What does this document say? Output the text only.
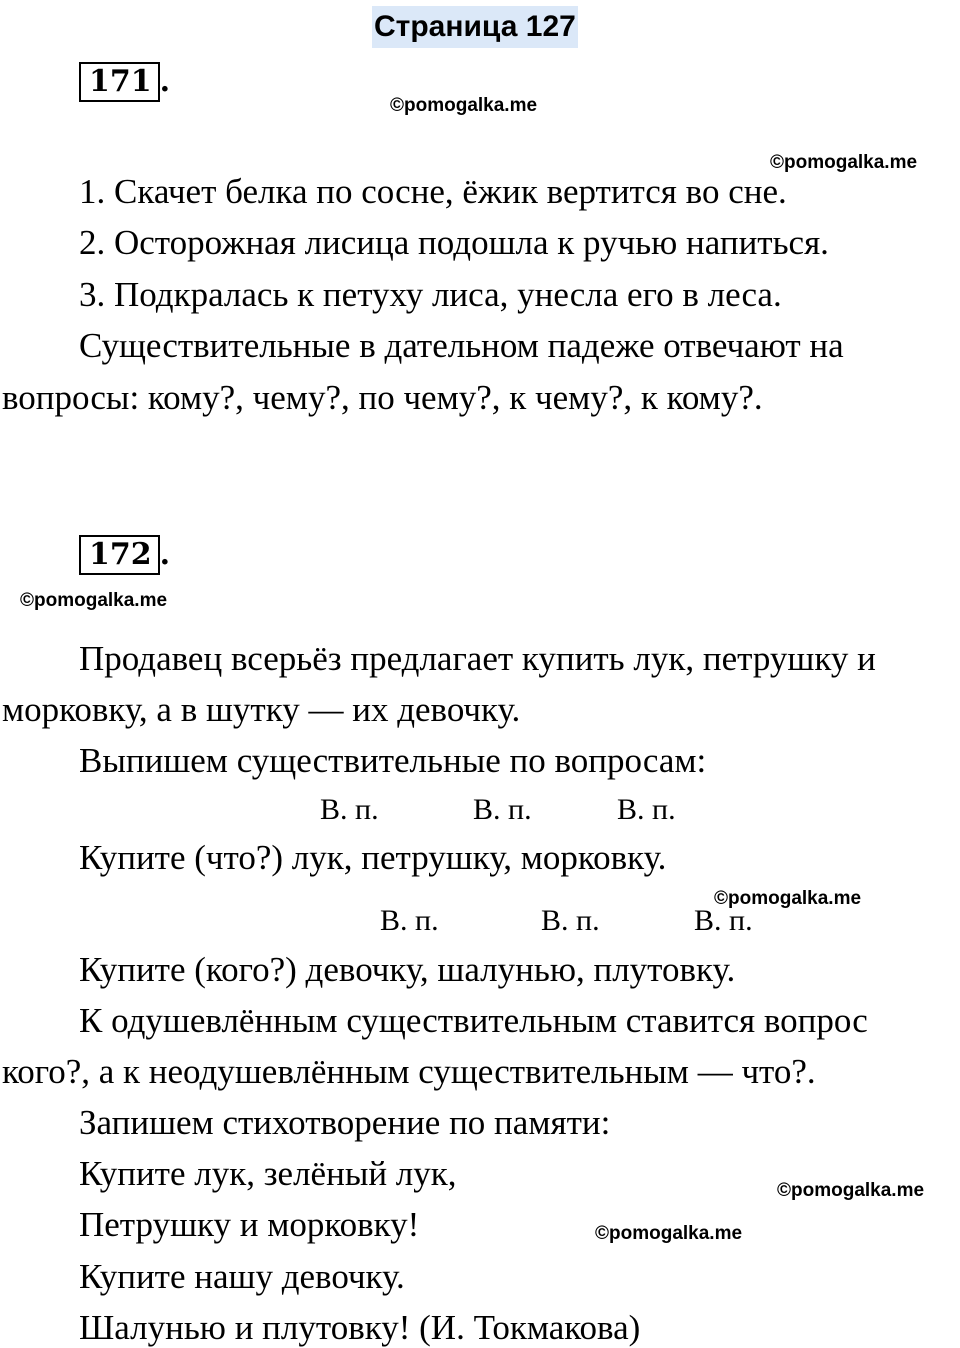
Страница 127
171 .
©pomogalka.me
©pomogalka.me
1. Скачет белка по сосне, ёжик вертится во сне.
2. Осторожная лисица подошла к ручью напиться.
3. Подкралась к петуху лиса, унесла его в леса.
Существительные в дательном падеже отвечают на
вопросы: кому?, чему?, по чему?, к чему?, к кому?.
172 .
©pomogalka.me
Продавец всерьёз предлагает купить лук, петрушку и
морковку, а в шутку — их девочку.
Выпишем существительные по вопросам:
В. п.	В. п.	В. п.
Купите (что?) лук, петрушку, морковку.
©pomogalka.me
В. п.	В. п.	В. п.
Купите (кого?) девочку, шалунью, плутовку.
К одушевлённым существительным ставится вопрос
кого?, а к неодушевлённым существительным — что?.
Запишем стихотворение по памяти:
Купите лук, зелёный лук,	©pomogalka.me
Петрушку и морковку!	©pomogalka.me
Купите нашу девочку.
Шалунью и плутовку! (И. Токмакова)
